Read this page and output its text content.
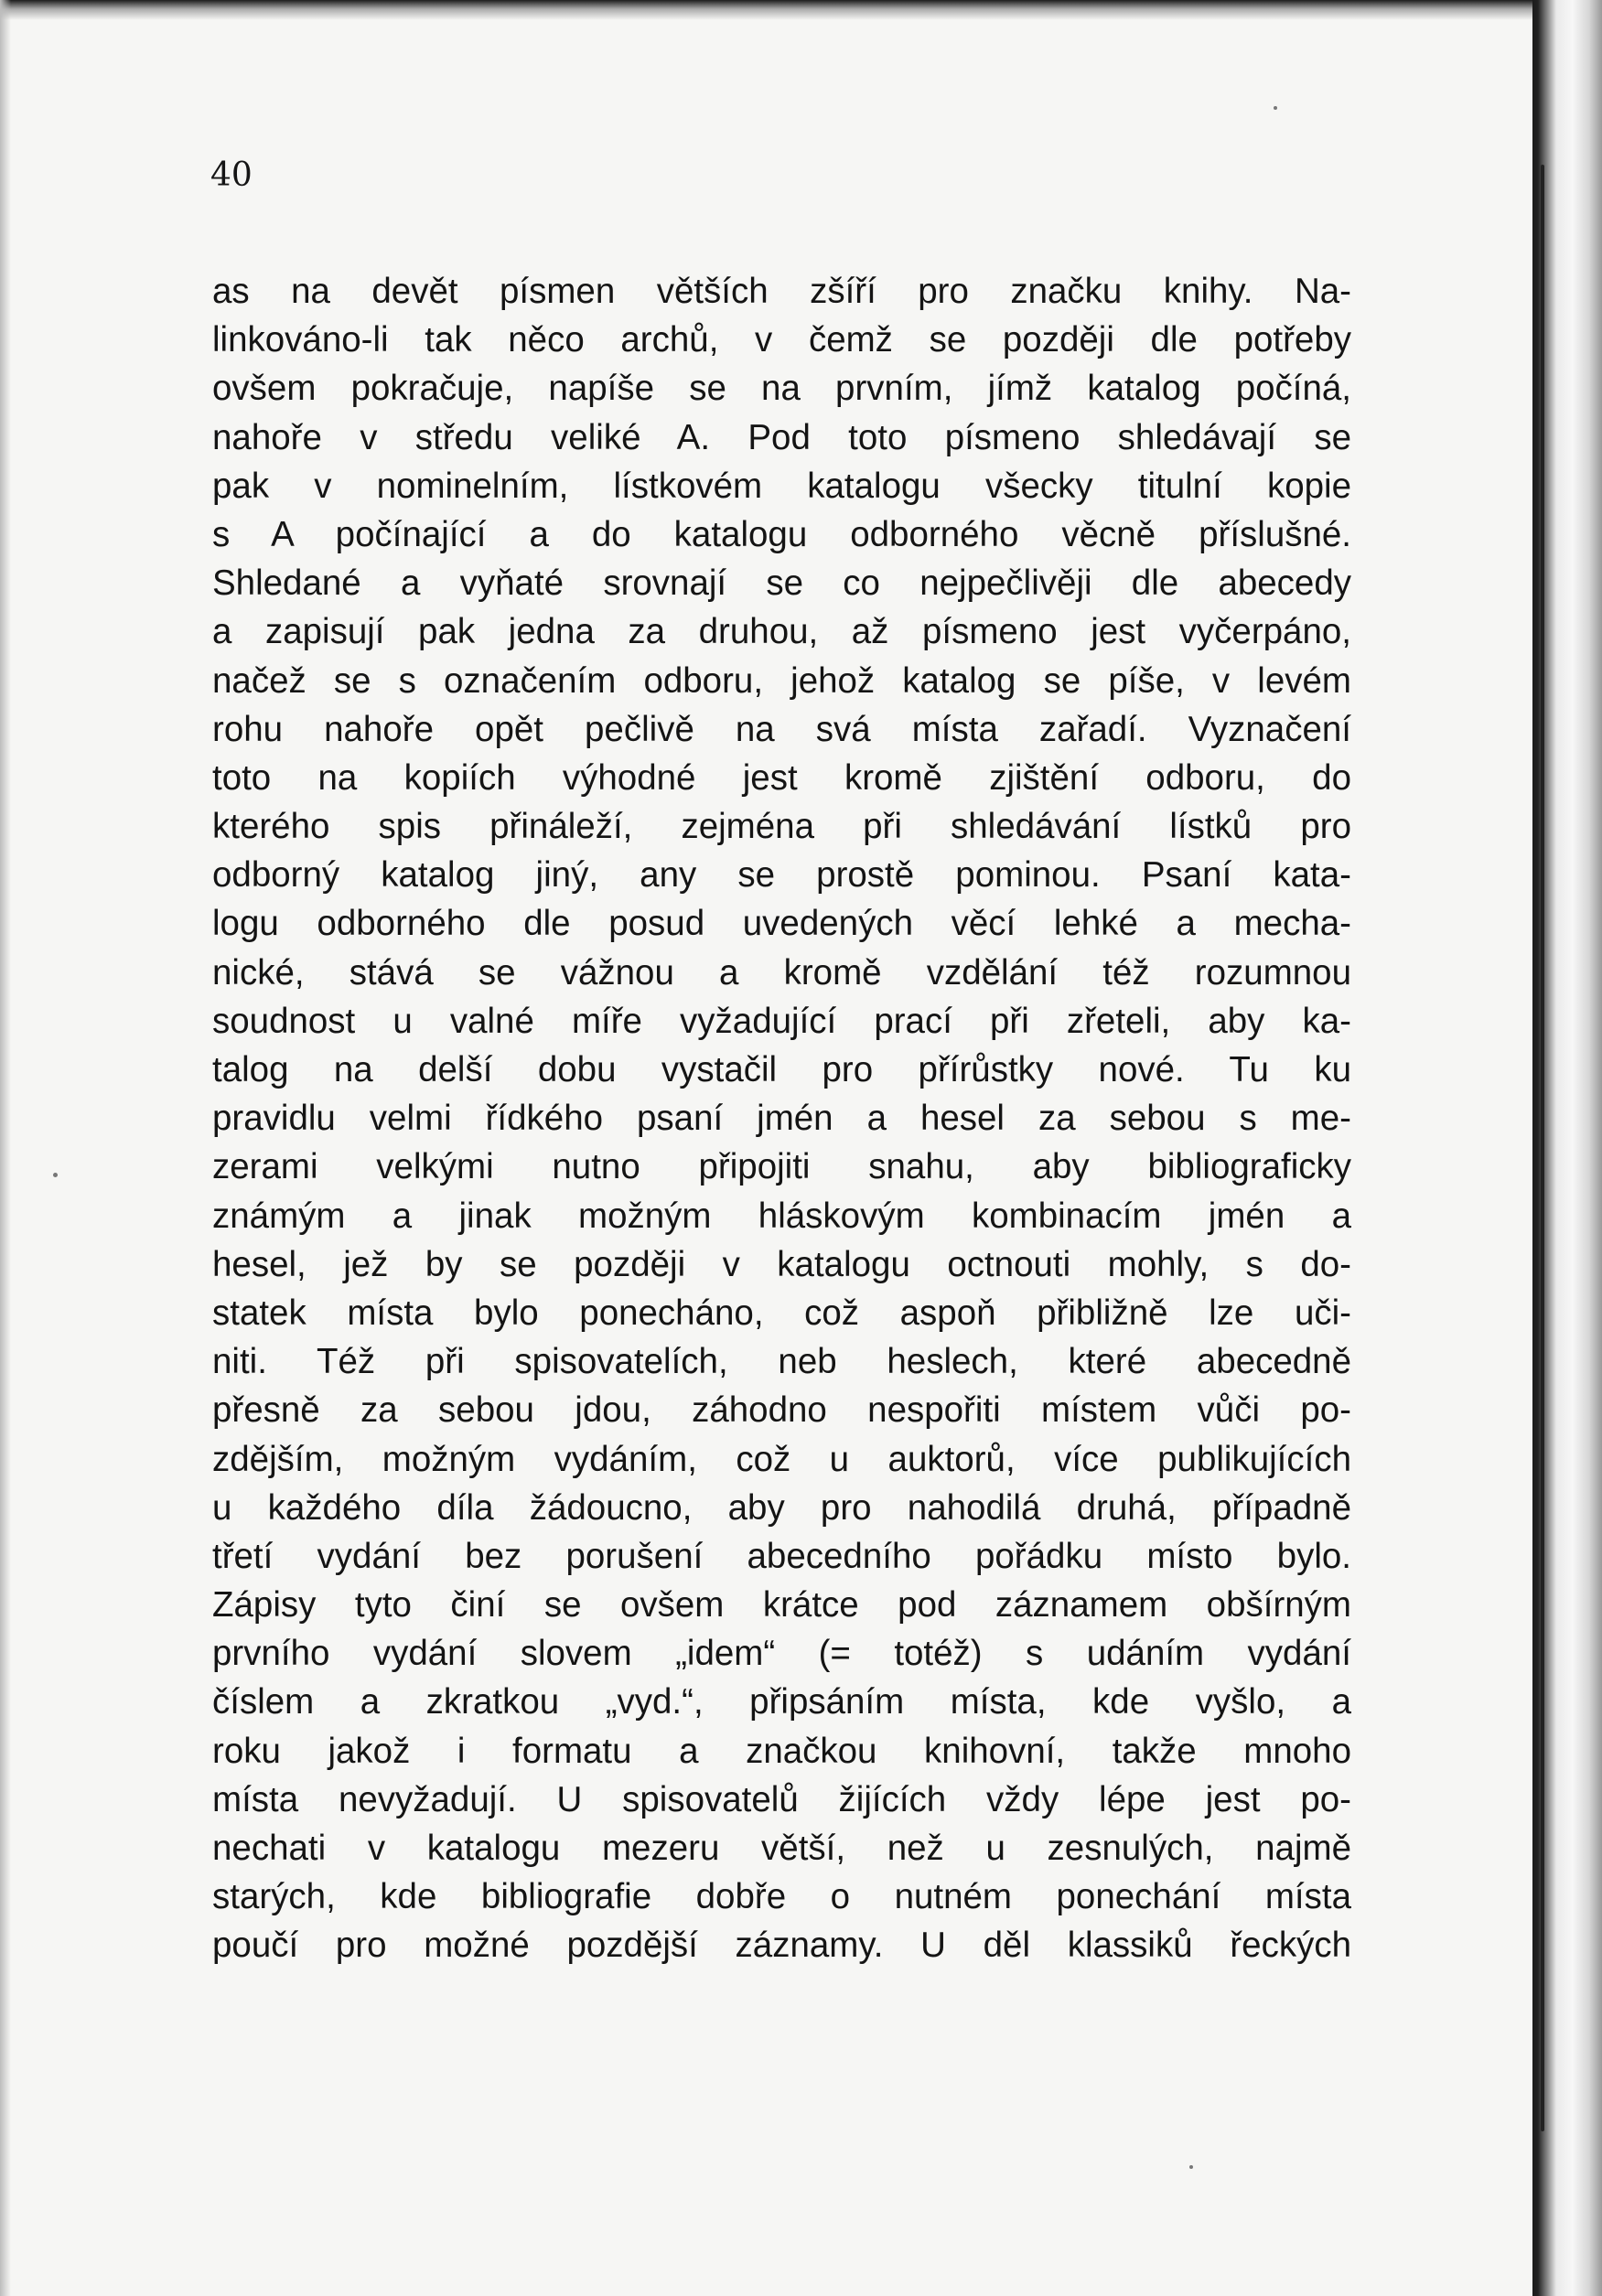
40
as na devět písmen větších zšíří pro značku knihy. Na-
linkováno-li tak něco archů, v čemž se později dle potřeby
ovšem pokračuje, napíše se na prvním, jímž katalog počíná,
nahoře v středu veliké A. Pod toto písmeno shledávají se
pak v nominelním, lístkovém katalogu všecky titulní kopie
s A počínající a do katalogu odborného věcně příslušné.
Shledané a vyňaté srovnají se co nejpečlivěji dle abecedy
a zapisují pak jedna za druhou, až písmeno jest vyčerpáno,
načež se s označením odboru, jehož katalog se píše, v levém
rohu nahoře opět pečlivě na svá místa zařadí. Vyznačení
toto na kopiích výhodné jest kromě zjištění odboru, do
kterého spis přináleží, zejména při shledávání lístků pro
odborný katalog jiný, any se prostě pominou. Psaní kata-
logu odborného dle posud uvedených věcí lehké a mecha-
nické, stává se vážnou a kromě vzdělání též rozumnou
soudnost u valné míře vyžadující prací při zřeteli, aby ka-
talog na delší dobu vystačil pro přírůstky nové. Tu ku
pravidlu velmi řídkého psaní jmén a hesel za sebou s me-
zerami velkými nutno připojiti snahu, aby bibliograficky
známým a jinak možným hláskovým kombinacím jmén a
hesel, jež by se později v katalogu octnouti mohly, s do-
statek místa bylo ponecháno, což aspoň přibližně lze uči-
niti. Též při spisovatelích, neb heslech, které abecedně
přesně za sebou jdou, záhodno nespořiti místem vůči po-
zdějším, možným vydáním, což u auktorů, více publikujících
u každého díla žádoucno, aby pro nahodilá druhá, případně
třetí vydání bez porušení abecedního pořádku místo bylo.
Zápisy tyto činí se ovšem krátce pod záznamem obšírným
prvního vydání slovem „idem“ (= totéž) s udáním vydání
číslem a zkratkou „vyd.“, připsáním místa, kde vyšlo, a
roku jakož i formatu a značkou knihovní, takže mnoho
místa nevyžadují. U spisovatelů žijících vždy lépe jest po-
nechati v katalogu mezeru větší, než u zesnulých, najmě
starých, kde bibliografie dobře o nutném ponechání místa
poučí pro možné pozdější záznamy. U děl klassiků řeckých
